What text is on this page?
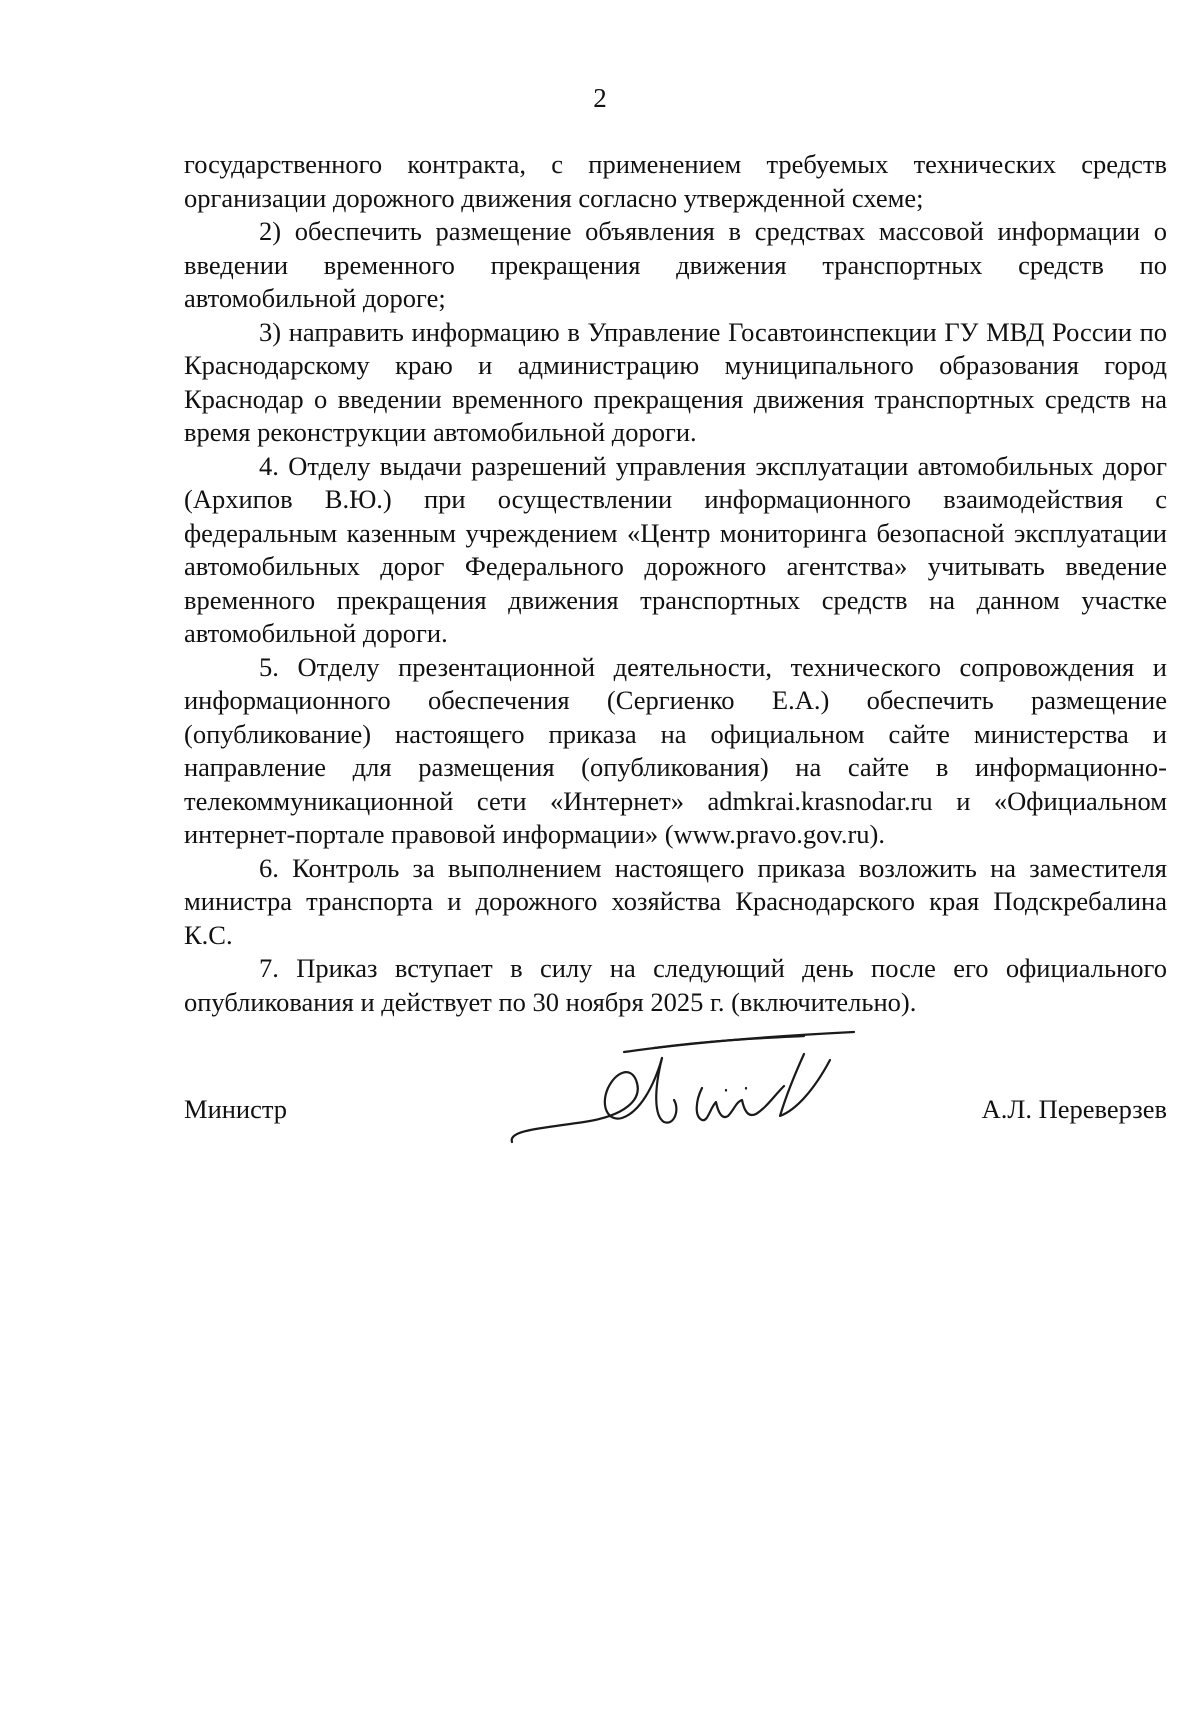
2

государственного контракта, с применением требуемых технических средств организации дорожного движения согласно утвержденной схеме;

2) обеспечить размещение объявления в средствах массовой информации о введении временного прекращения движения транспортных средств по автомобильной дороге;

3) направить информацию в Управление Госавтоинспекции ГУ МВД России по Краснодарскому краю и администрацию муниципального образования город Краснодар о введении временного прекращения движения транспортных средств на время реконструкции автомобильной дороги.

4. Отделу выдачи разрешений управления эксплуатации автомобильных дорог (Архипов В.Ю.) при осуществлении информационного взаимодействия с федеральным казенным учреждением «Центр мониторинга безопасной эксплуатации автомобильных дорог Федерального дорожного агентства» учитывать введение временного прекращения движения транспортных средств на данном участке автомобильной дороги.

5. Отделу презентационной деятельности, технического сопровождения и информационного обеспечения (Сергиенко Е.А.) обеспечить размещение (опубликование) настоящего приказа на официальном сайте министерства и направление для размещения (опубликования) на сайте в информационно-телекоммуникационной сети «Интернет» admkrai.krasnodar.ru и «Официальном интернет-портале правовой информации» (www.pravo.gov.ru).

6. Контроль за выполнением настоящего приказа возложить на заместителя министра транспорта и дорожного хозяйства Краснодарского края Подскребалина К.С.

7. Приказ вступает в силу на следующий день после его официального опубликования и действует по 30 ноября 2025 г. (включительно).

Министр	А.Л. Переверзев
